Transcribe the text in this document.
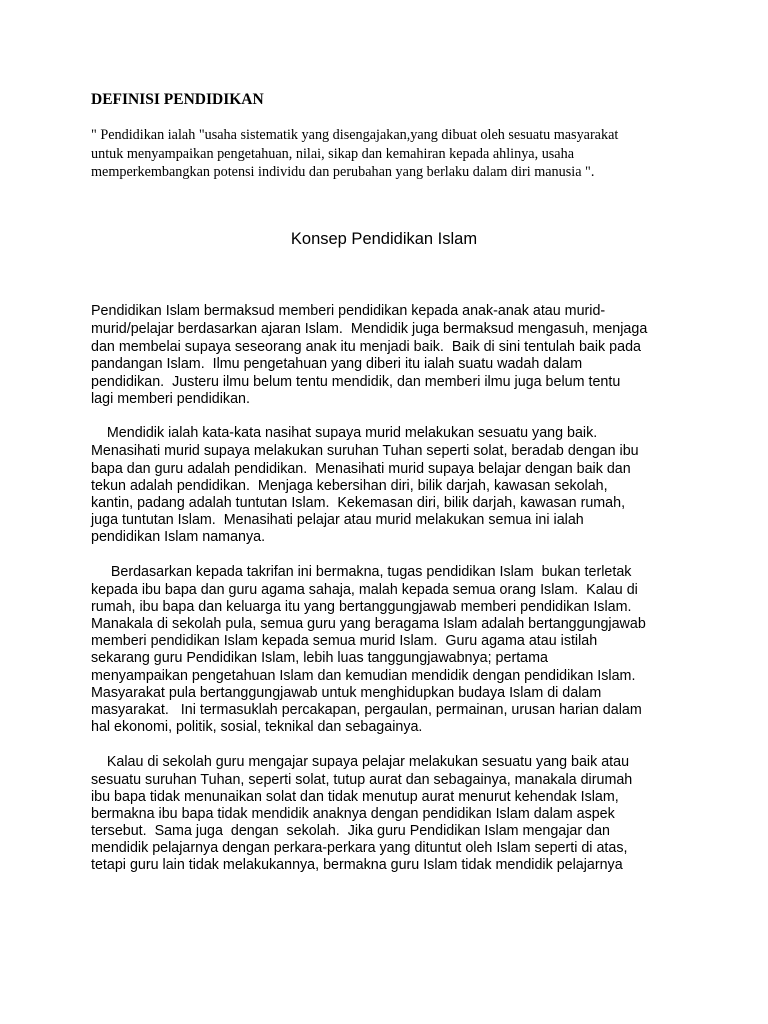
DEFINISI PENDIDIKAN
" Pendidikan ialah "usaha sistematik yang disengajakan,yang dibuat oleh sesuatu masyarakat
untuk menyampaikan pengetahuan, nilai, sikap dan kemahiran kepada ahlinya, usaha
memperkembangkan potensi individu dan perubahan yang berlaku dalam diri manusia ".
Konsep Pendidikan Islam
Pendidikan Islam bermaksud memberi pendidikan kepada anak-anak atau murid-
murid/pelajar berdasarkan ajaran Islam.  Mendidik juga bermaksud mengasuh, menjaga
dan membelai supaya seseorang anak itu menjadi baik.  Baik di sini tentulah baik pada
pandangan Islam.  Ilmu pengetahuan yang diberi itu ialah suatu wadah dalam
pendidikan.  Justeru ilmu belum tentu mendidik, dan memberi ilmu juga belum tentu
lagi memberi pendidikan.
Mendidik ialah kata-kata nasihat supaya murid melakukan sesuatu yang baik.
Menasihati murid supaya melakukan suruhan Tuhan seperti solat, beradab dengan ibu
bapa dan guru adalah pendidikan.  Menasihati murid supaya belajar dengan baik dan
tekun adalah pendidikan.  Menjaga kebersihan diri, bilik darjah, kawasan sekolah,
kantin, padang adalah tuntutan Islam.  Kekemasan diri, bilik darjah, kawasan rumah,
juga tuntutan Islam.  Menasihati pelajar atau murid melakukan semua ini ialah
pendidikan Islam namanya.
Berdasarkan kepada takrifan ini bermakna, tugas pendidikan Islam  bukan terletak
kepada ibu bapa dan guru agama sahaja, malah kepada semua orang Islam.  Kalau di
rumah, ibu bapa dan keluarga itu yang bertanggungjawab memberi pendidikan Islam.
Manakala di sekolah pula, semua guru yang beragama Islam adalah bertanggungjawab
memberi pendidikan Islam kepada semua murid Islam.  Guru agama atau istilah
sekarang guru Pendidikan Islam, lebih luas tanggungjawabnya; pertama
menyampaikan pengetahuan Islam dan kemudian mendidik dengan pendidikan Islam.
Masyarakat pula bertanggungjawab untuk menghidupkan budaya Islam di dalam
masyarakat.   Ini termasuklah percakapan, pergaulan, permainan, urusan harian dalam
hal ekonomi, politik, sosial, teknikal dan sebagainya.
Kalau di sekolah guru mengajar supaya pelajar melakukan sesuatu yang baik atau
sesuatu suruhan Tuhan, seperti solat, tutup aurat dan sebagainya, manakala dirumah
ibu bapa tidak menunaikan solat dan tidak menutup aurat menurut kehendak Islam,
bermakna ibu bapa tidak mendidik anaknya dengan pendidikan Islam dalam aspek
tersebut.  Sama juga  dengan  sekolah.  Jika guru Pendidikan Islam mengajar dan
mendidik pelajarnya dengan perkara-perkara yang dituntut oleh Islam seperti di atas,
tetapi guru lain tidak melakukannya, bermakna guru Islam tidak mendidik pelajarnya
